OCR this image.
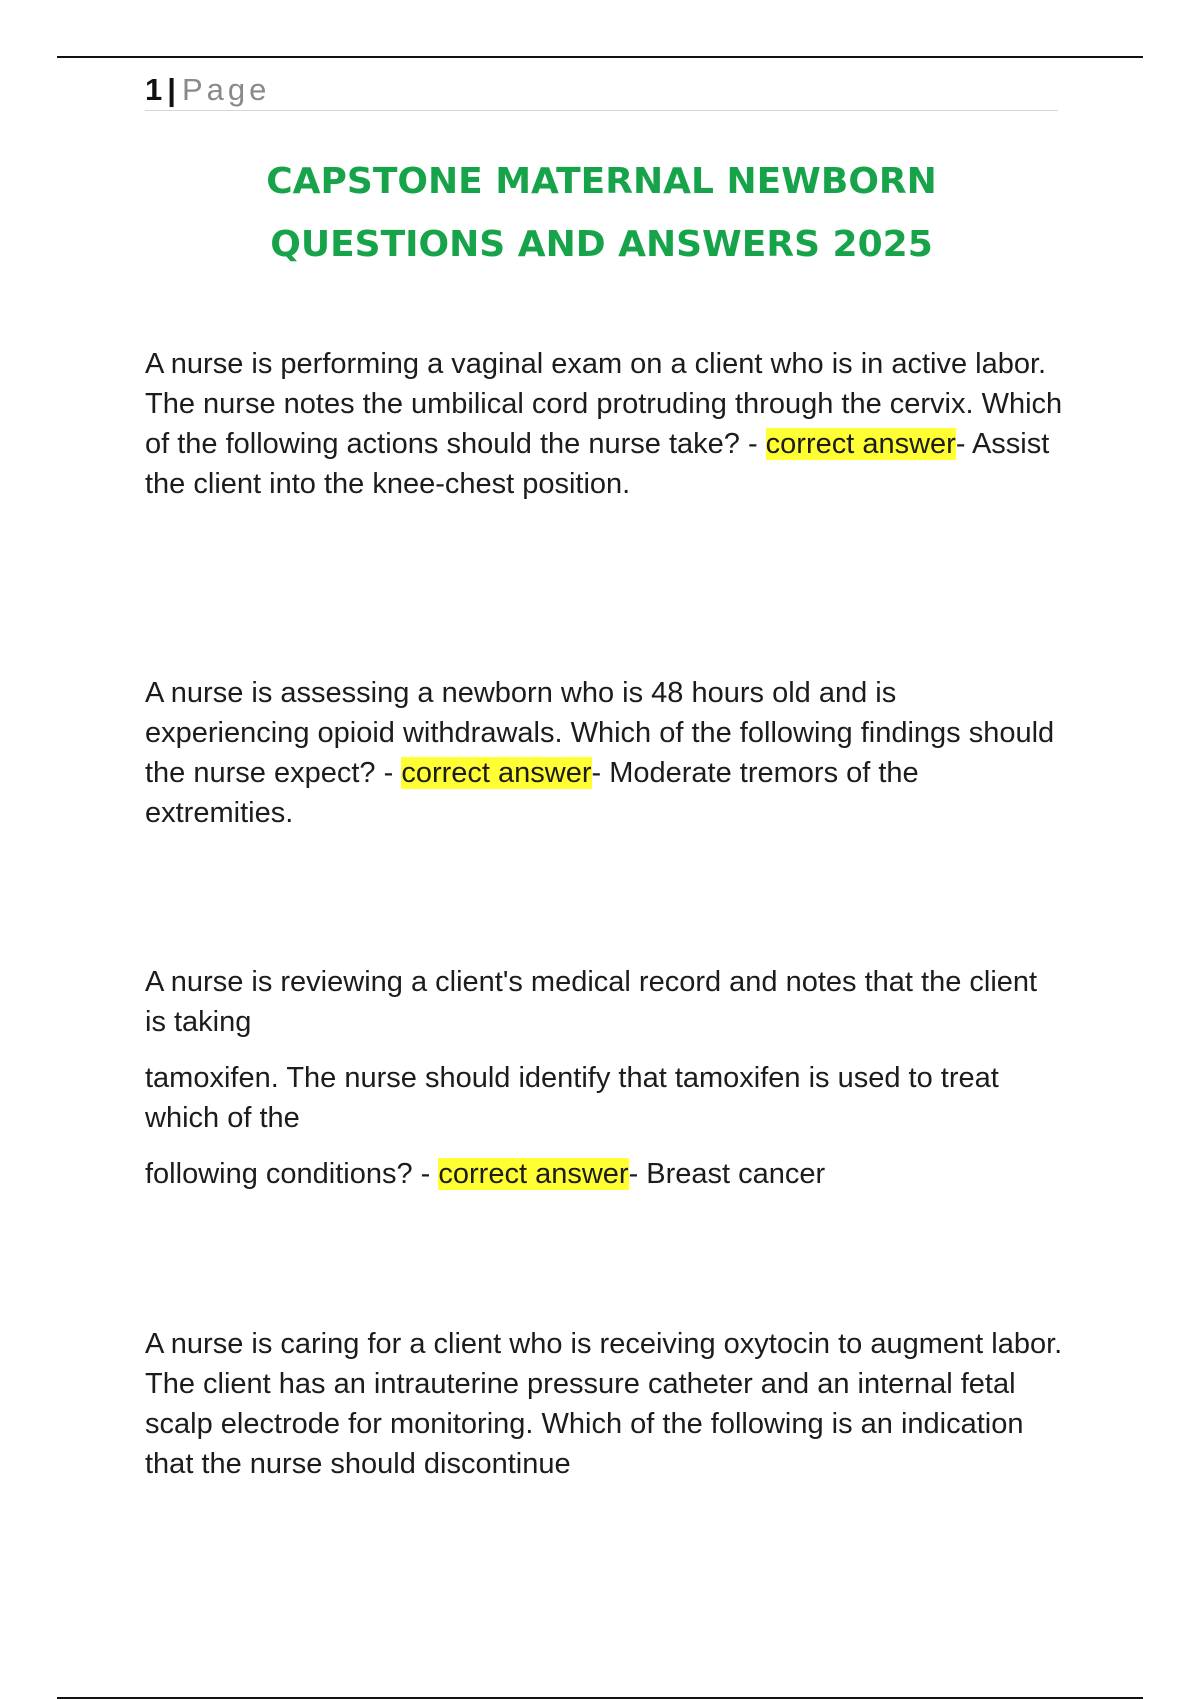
1 | Page
CAPSTONE MATERNAL NEWBORN
QUESTIONS AND ANSWERS 2025

A nurse is performing a vaginal exam on a client who is in active labor. The nurse notes the umbilical cord protruding through the cervix. Which of the following actions should the nurse take? - correct answer- Assist the client into the knee-chest position.

A nurse is assessing a newborn who is 48 hours old and is experiencing opioid withdrawals. Which of the following findings should the nurse expect? - correct answer- Moderate tremors of the extremities.

A nurse is reviewing a client's medical record and notes that the client is taking

tamoxifen. The nurse should identify that tamoxifen is used to treat which of the

following conditions? - correct answer- Breast cancer

A nurse is caring for a client who is receiving oxytocin to augment labor. The client has an intrauterine pressure catheter and an internal fetal scalp electrode for monitoring. Which of the following is an indication that the nurse should discontinue
